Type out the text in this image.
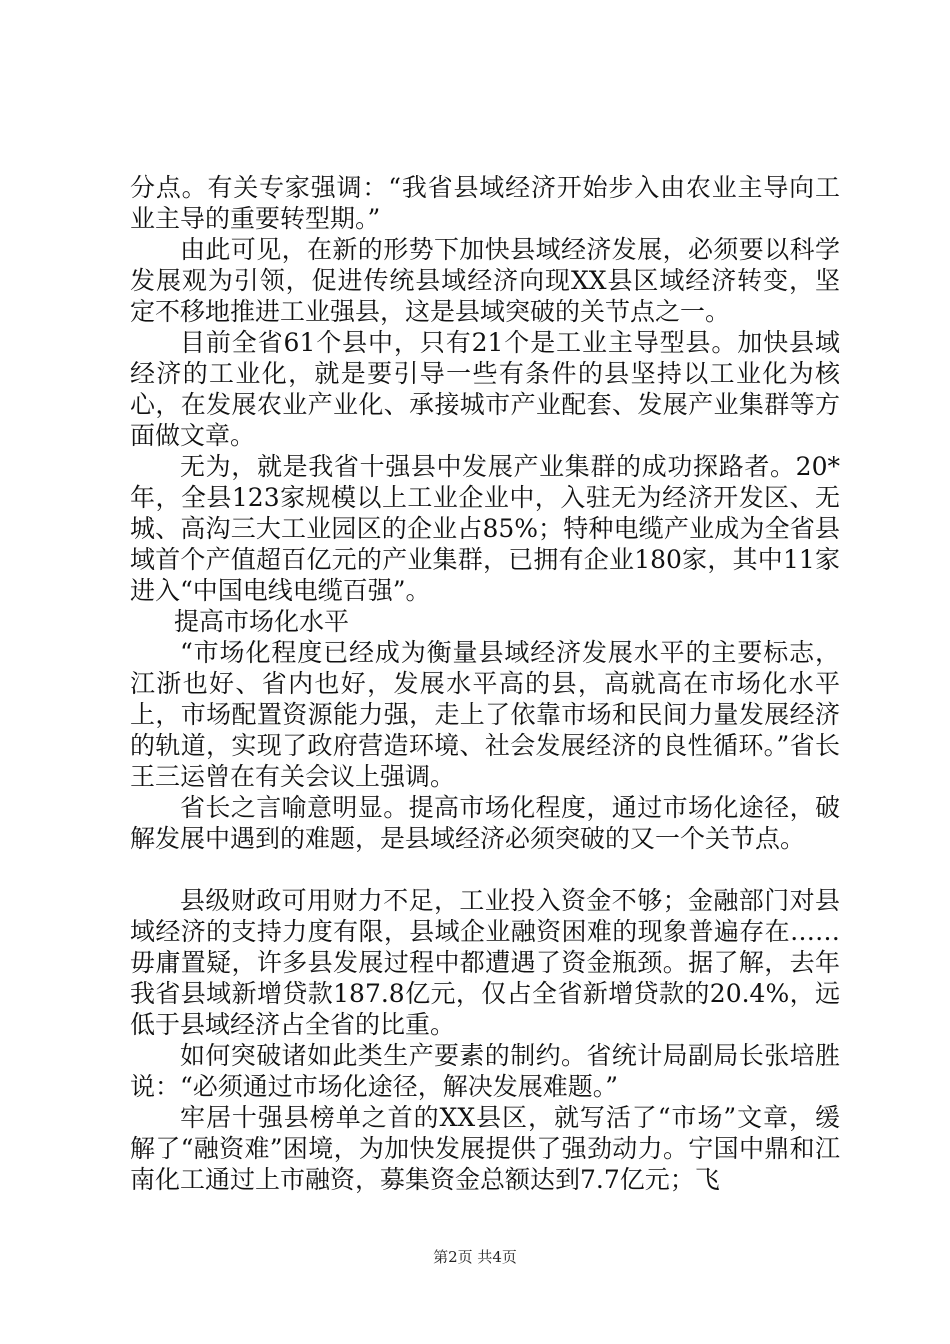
分点。有关专家强调：“我省县域经济开始步入由农业主导向工业主导的重要转型期。”

由此可见，在新的形势下加快县域经济发展，必须要以科学发展观为引领，促进传统县域经济向现XX县区域经济转变，坚定不移地推进工业强县，这是县域突破的关节点之一。

目前全省61个县中，只有21个是工业主导型县。加快县域经济的工业化，就是要引导一些有条件的县坚持以工业化为核心，在发展农业产业化、承接城市产业配套、发展产业集群等方面做文章。

无为，就是我省十强县中发展产业集群的成功探路者。20*年，全县123家规模以上工业企业中，入驻无为经济开发区、无城、高沟三大工业园区的企业占85%；特种电缆产业成为全省县域首个产值超百亿元的产业集群，已拥有企业180家，其中11家进入“中国电线电缆百强”。

提高市场化水平

“市场化程度已经成为衡量县域经济发展水平的主要标志，江浙也好、省内也好，发展水平高的县，高就高在市场化水平上，市场配置资源能力强，走上了依靠市场和民间力量发展经济的轨道，实现了政府营造环境、社会发展经济的良性循环。”省长王三运曾在有关会议上强调。

省长之言喻意明显。提高市场化程度，通过市场化途径，破解发展中遇到的难题，是县域经济必须突破的又一个关节点。

县级财政可用财力不足，工业投入资金不够；金融部门对县域经济的支持力度有限，县域企业融资困难的现象普遍存在……毋庸置疑，许多县发展过程中都遭遇了资金瓶颈。据了解，去年我省县域新增贷款187.8亿元，仅占全省新增贷款的20.4%，远低于县域经济占全省的比重。

如何突破诸如此类生产要素的制约。省统计局副局长张培胜说：“必须通过市场化途径，解决发展难题。”

牢居十强县榜单之首的XX县区，就写活了“市场”文章，缓解了“融资难”困境，为加快发展提供了强劲动力。宁国中鼎和江南化工通过上市融资，募集资金总额达到7.7亿元；飞

第2页 共4页
